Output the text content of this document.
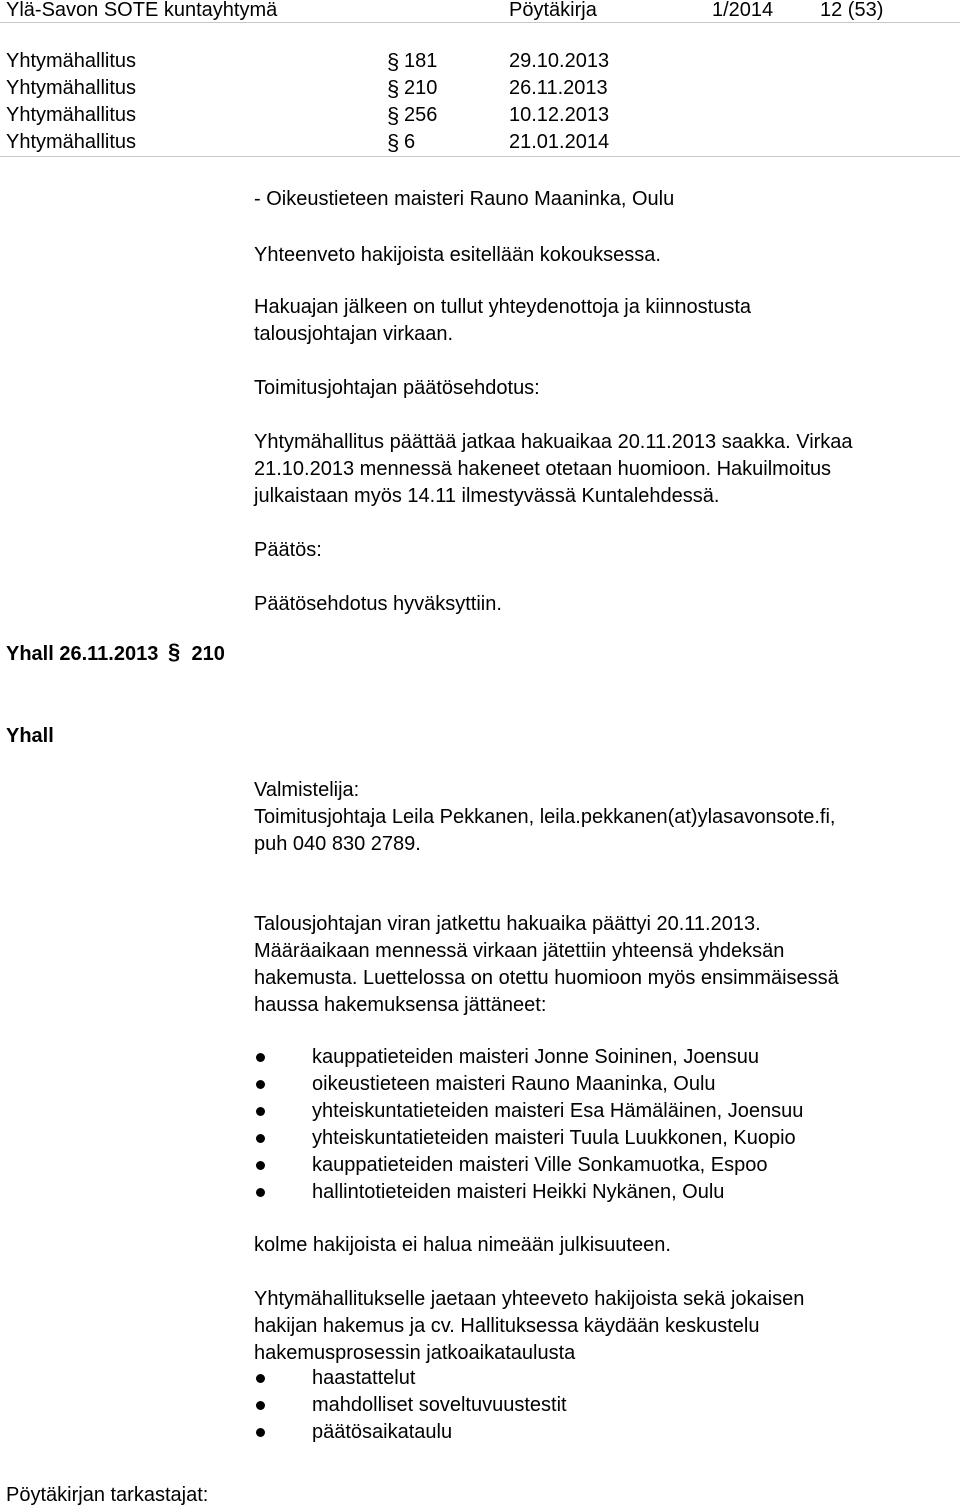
Ylä-Savon SOTE kuntayhtymä	Pöytäkirja	1/2014 12 (53)
Yhtymähallitus	§ 181	29.10.2013
Yhtymähallitus	§ 210	26.11.2013
Yhtymähallitus	§ 256	10.12.2013
Yhtymähallitus	§ 6	21.01.2014
- Oikeustieteen maisteri Rauno Maaninka, Oulu
Yhteenveto hakijoista esitellään kokouksessa.
Hakuajan jälkeen on tullut yhteydenottoja ja kiinnostusta
talousjohtajan virkaan.
Toimitusjohtajan päätösehdotus:
Yhtymähallitus päättää jatkaa hakuaikaa 20.11.2013 saakka. Virkaa
21.10.2013 mennessä hakeneet otetaan huomioon. Hakuilmoitus
julkaistaan myös 14.11 ilmestyvässä Kuntalehdessä.
Päätös:
Päätösehdotus hyväksyttiin.
Yhall 26.11.2013 § 210
Yhall
Valmistelija:
Toimitusjohtaja Leila Pekkanen, leila.pekkanen(at)ylasavonsote.fi,
puh 040 830 2789.
Talousjohtajan viran jatkettu hakuaika päättyi 20.11.2013.
Määräaikaan mennessä virkaan jätettiin yhteensä yhdeksän
hakemusta. Luettelossa on otettu huomioon myös ensimmäisessä
haussa hakemuksensa jättäneet:
kauppatieteiden maisteri Jonne Soininen, Joensuu
oikeustieteen maisteri Rauno Maaninka, Oulu
yhteiskuntatieteiden maisteri Esa Hämäläinen, Joensuu
yhteiskuntatieteiden maisteri Tuula Luukkonen, Kuopio
kauppatieteiden maisteri Ville Sonkamuotka, Espoo
hallintotieteiden maisteri Heikki Nykänen, Oulu
kolme hakijoista ei halua nimeään julkisuuteen.
Yhtymähallitukselle jaetaan yhteeveto hakijoista sekä jokaisen
hakijan hakemus ja cv. Hallituksessa käydään keskustelu
hakemusprosessin jatkoaikataulusta
haastattelut
mahdolliset soveltuvuustestit
päätösaikataulu
Pöytäkirjan tarkastajat:
